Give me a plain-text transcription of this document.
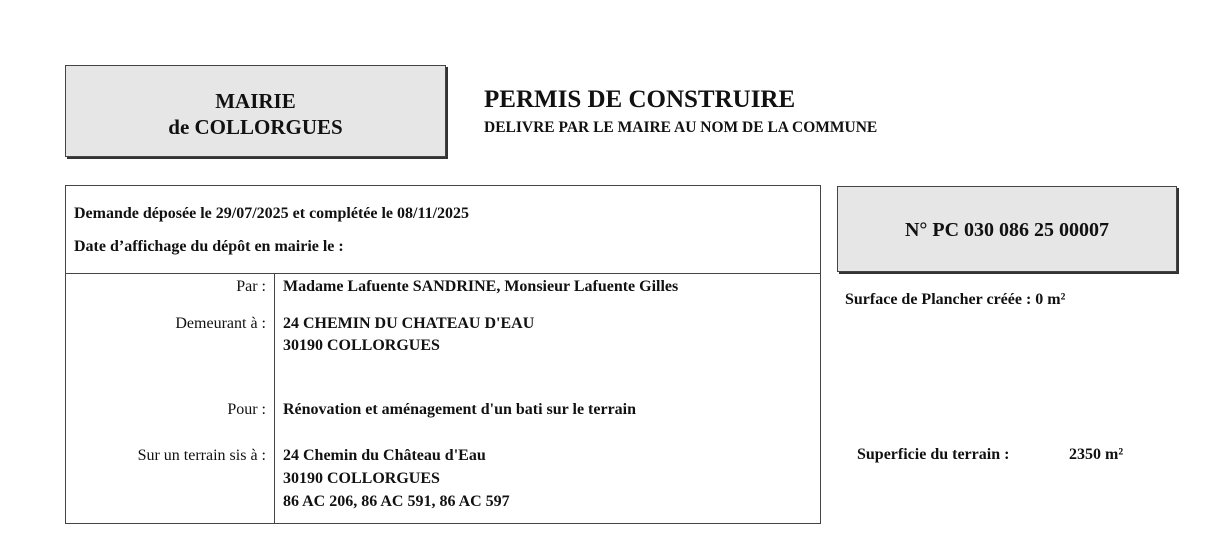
MAIRIE
de COLLORGUES
PERMIS DE CONSTRUIRE
DELIVRE PAR LE MAIRE AU NOM DE LA COMMUNE
Demande déposée le 29/07/2025 et complétée le 08/11/2025
Date d’affichage du dépôt en mairie le :
Par : Madame Lafuente SANDRINE, Monsieur Lafuente Gilles
Demeurant à : 24 CHEMIN DU CHATEAU D'EAU
30190 COLLORGUES
Pour : Rénovation et aménagement d'un bati sur le terrain
Sur un terrain sis à : 24 Chemin du Château d'Eau
30190 COLLORGUES
86 AC 206, 86 AC 591, 86 AC 597
N° PC 030 086 25 00007
Surface de Plancher créée : 0 m²
Superficie du terrain :	2350 m²
